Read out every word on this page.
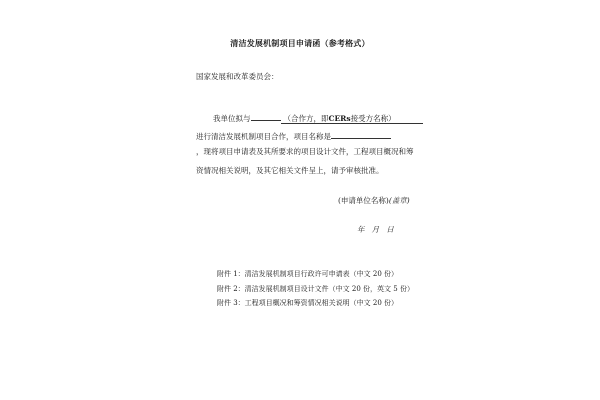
清洁发展机制项目申请函（参考格式）
国家发展和改革委员会：
我单位拟与	（合作方，即CERs接受方名称）
进行清洁发展机制项目合作，项目名称是
，现将项目申请表及其所要求的项目设计文件，工程项目概况和筹
资情况相关说明，及其它相关文件呈上，请予审核批准。
(申请单位名称)(盖章)
年   月   日
附件 1：清洁发展机制项目行政许可申请表（中文 20 份）
附件 2：清洁发展机制项目设计文件（中文 20 份，英文 5 份）
附件 3：工程项目概况和筹资情况相关说明（中文 20 份）
